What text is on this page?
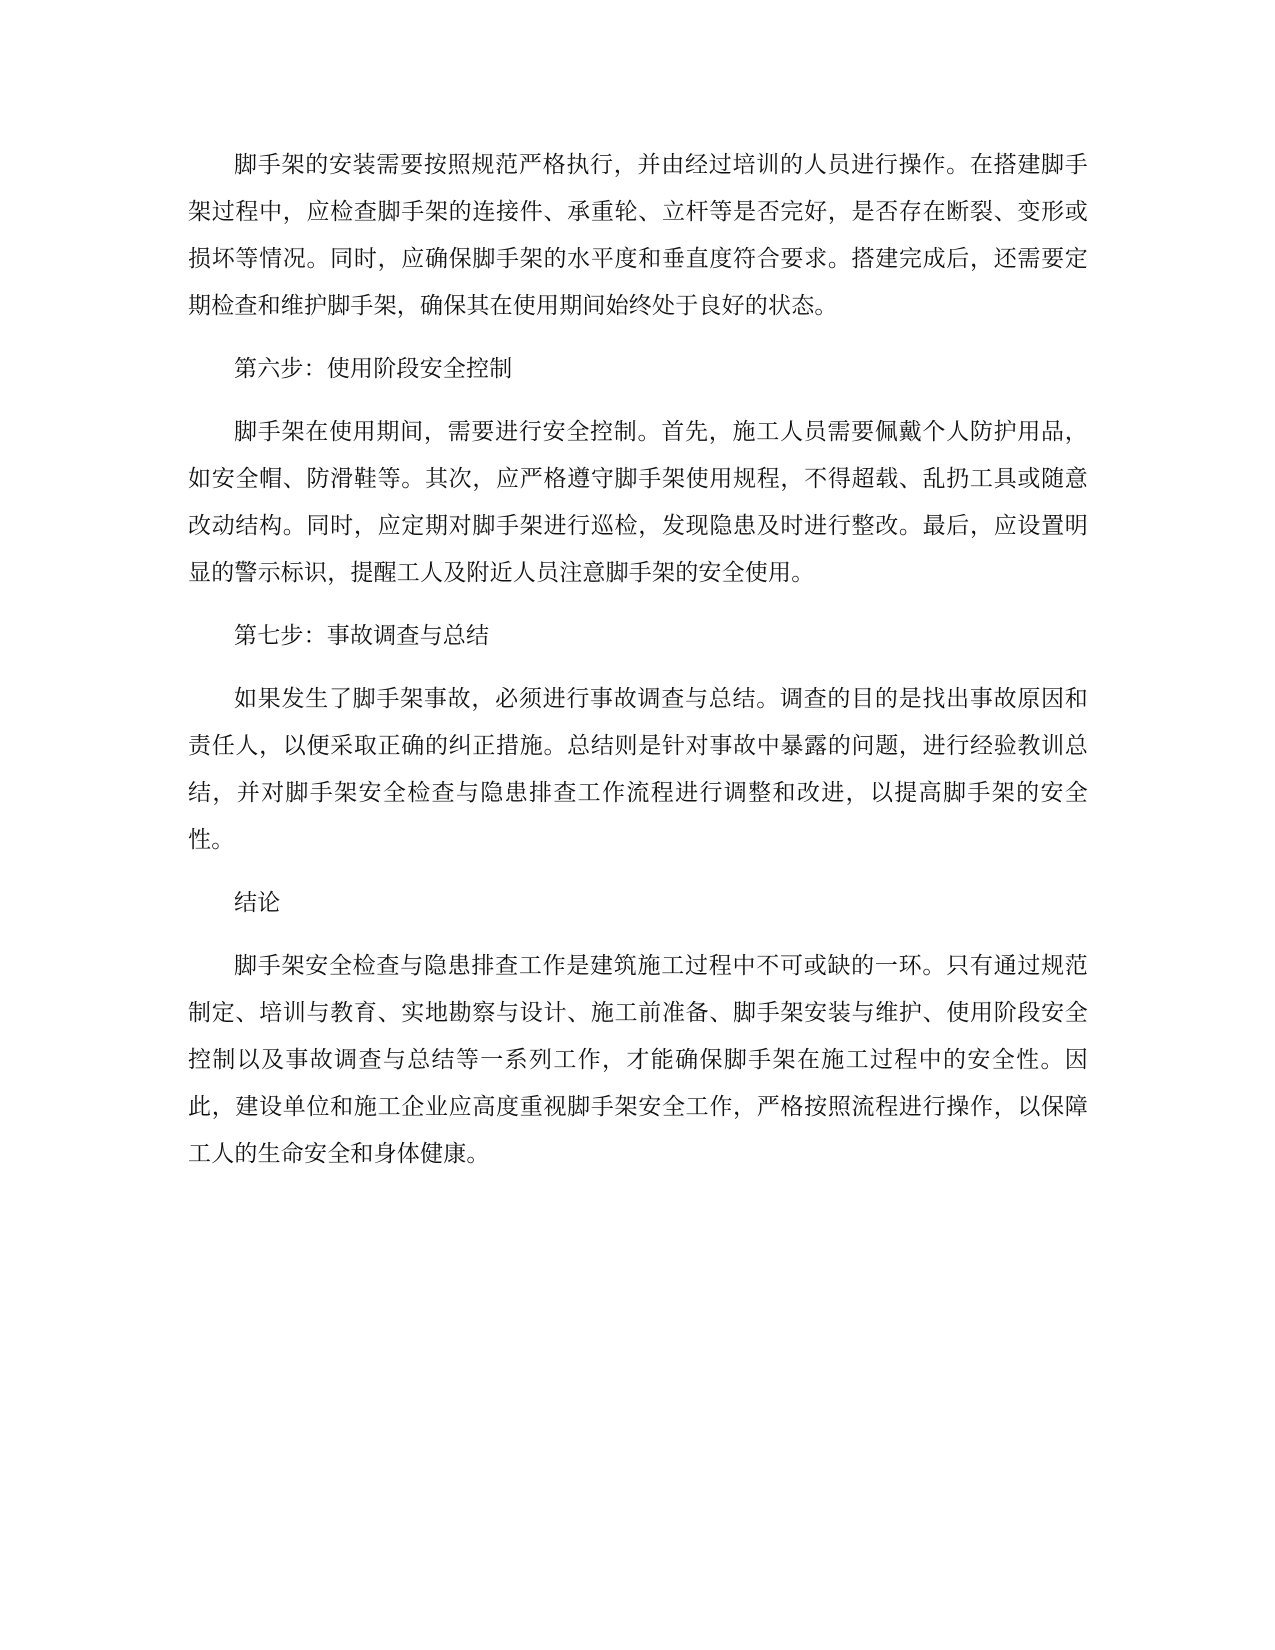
脚手架的安装需要按照规范严格执行，并由经过培训的人员进行操作。在搭建脚手架过程中，应检查脚手架的连接件、承重轮、立杆等是否完好，是否存在断裂、变形或损坏等情况。同时，应确保脚手架的水平度和垂直度符合要求。搭建完成后，还需要定期检查和维护脚手架，确保其在使用期间始终处于良好的状态。

第六步：使用阶段安全控制

脚手架在使用期间，需要进行安全控制。首先，施工人员需要佩戴个人防护用品，如安全帽、防滑鞋等。其次，应严格遵守脚手架使用规程，不得超载、乱扔工具或随意改动结构。同时，应定期对脚手架进行巡检，发现隐患及时进行整改。最后，应设置明显的警示标识，提醒工人及附近人员注意脚手架的安全使用。

第七步：事故调查与总结

如果发生了脚手架事故，必须进行事故调查与总结。调查的目的是找出事故原因和责任人，以便采取正确的纠正措施。总结则是针对事故中暴露的问题，进行经验教训总结，并对脚手架安全检查与隐患排查工作流程进行调整和改进，以提高脚手架的安全性。

结论

脚手架安全检查与隐患排查工作是建筑施工过程中不可或缺的一环。只有通过规范制定、培训与教育、实地勘察与设计、施工前准备、脚手架安装与维护、使用阶段安全控制以及事故调查与总结等一系列工作，才能确保脚手架在施工过程中的安全性。因此，建设单位和施工企业应高度重视脚手架安全工作，严格按照流程进行操作，以保障工人的生命安全和身体健康。
